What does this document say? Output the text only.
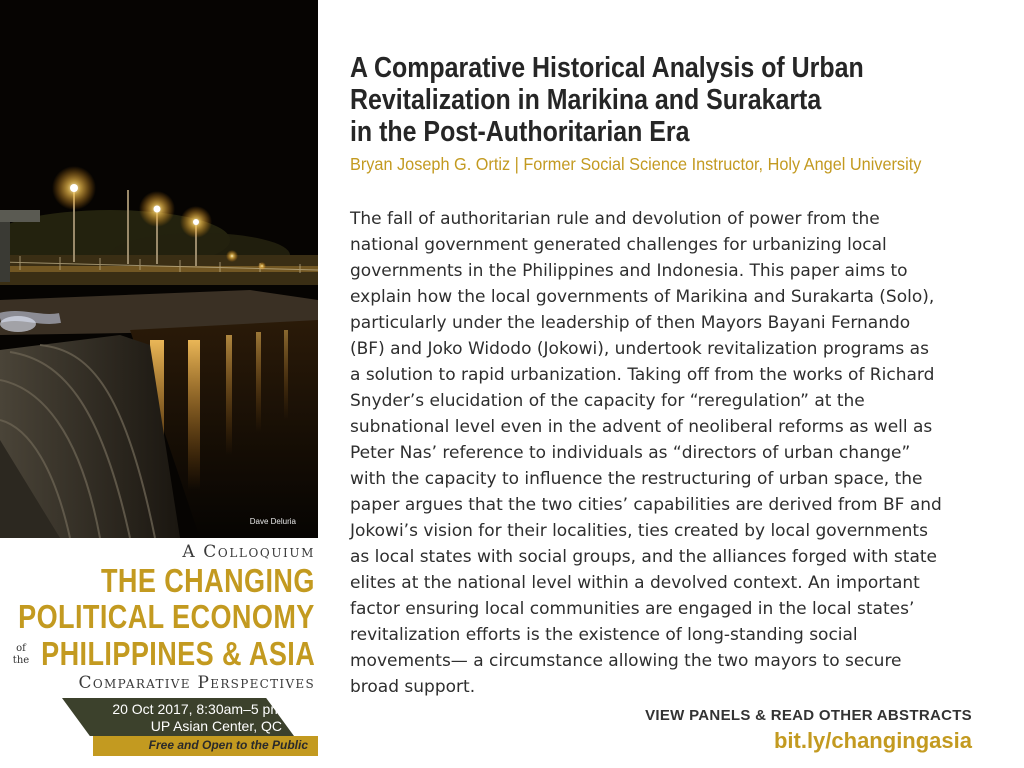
Dave Deluria
A Colloquium
THE CHANGING
POLITICAL ECONOMY
of
the PHILIPPINES & ASIA
Comparative Perspectives
20 Oct 2017, 8:30am–5 pm
UP Asian Center, QC
Free and Open to the Public
A Comparative Historical Analysis of Urban
Revitalization in Marikina and Surakarta
in the Post-Authoritarian Era
Bryan Joseph G. Ortiz | Former Social Science Instructor, Holy Angel University

The fall of authoritarian rule and devolution of power from the
national government generated challenges for urbanizing local
governments in the Philippines and Indonesia. This paper aims to
explain how the local governments of Marikina and Surakarta (Solo),
particularly under the leadership of then Mayors Bayani Fernando
(BF) and Joko Widodo (Jokowi), undertook revitalization programs as
a solution to rapid urbanization. Taking off from the works of Richard
Snyder’s elucidation of the capacity for “reregulation” at the
subnational level even in the advent of neoliberal reforms as well as
Peter Nas’ reference to individuals as “directors of urban change”
with the capacity to influence the restructuring of urban space, the
paper argues that the two cities’ capabilities are derived from BF and
Jokowi’s vision for their localities, ties created by local governments
as local states with social groups, and the alliances forged with state
elites at the national level within a devolved context. An important
factor ensuring local communities are engaged in the local states’
revitalization efforts is the existence of long-standing social
movements— a circumstance allowing the two mayors to secure
broad support.

VIEW PANELS & READ OTHER ABSTRACTS
bit.ly/changingasia
